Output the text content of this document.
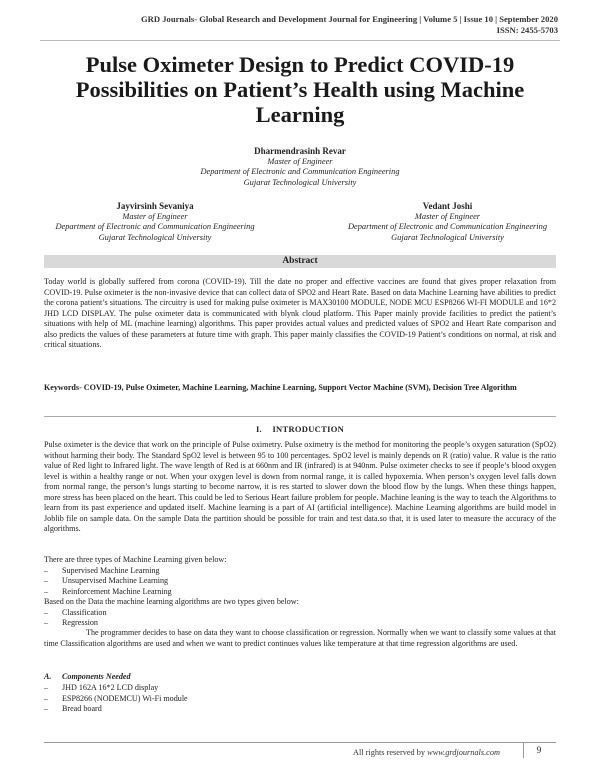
GRD Journals- Global Research and Development Journal for Engineering | Volume 5 | Issue 10 | September 2020
ISSN: 2455-5703
Pulse Oximeter Design to Predict COVID-19 Possibilities on Patient’s Health using Machine Learning
Dharmendrasinh Revar
Master of Engineer
Department of Electronic and Communication Engineering
Gujarat Technological University
Jayvirsinh Sevaniya
Master of Engineer
Department of Electronic and Communication Engineering
Gujarat Technological University
Vedant Joshi
Master of Engineer
Department of Electronic and Communication Engineering
Gujarat Technological University
Abstract
Today world is globally suffered from corona (COVID-19). Till the date no proper and effective vaccines are found that gives proper relaxation from COVID-19. Pulse oximeter is the non-invasive device that can collect data of SPO2 and Heart Rate. Based on data Machine Learning have abilities to predict the corona patient’s situations. The circuitry is used for making pulse oximeter is MAX30100 MODULE, NODE MCU ESP8266 WI-FI MODULE and 16*2 JHD LCD DISPLAY. The pulse oximeter data is communicated with blynk cloud platform. This Paper mainly provide facilities to predict the patient’s situations with help of ML (machine learning) algorithms. This paper provides actual values and predicted values of SPO2 and Heart Rate comparison and also predicts the values of these parameters at future time with graph. This paper mainly classifies the COVID-19 Patient’s conditions on normal, at risk and critical situations.
Keywords- COVID-19, Pulse Oximeter, Machine Learning, Machine Learning, Support Vector Machine (SVM), Decision Tree Algorithm
I. INTRODUCTION
Pulse oximeter is the device that work on the principle of Pulse oximetry. Pulse oximetry is the method for monitoring the people’s oxygen saturation (SpO2) without harming their body. The Standard SpO2 level is between 95 to 100 percentages. SpO2 level is mainly depends on R (ratio) value. R value is the ratio value of Red light to Infrared light. The wave length of Red is at 660nm and IR (infrared) is at 940nm. Pulse oximeter checks to see if people’s blood oxygen level is within a healthy range or not. When your oxygen level is down from normal range, it is called hypoxemia. When person’s oxygen level falls down from normal range, the person’s lungs starting to become narrow, it is res started to slower down the blood flow by the lungs. When these things happen, more stress has been placed on the heart. This could be led to Serious Heart failure problem for people. Machine leaning is the way to teach the Algorithms to learn from its past experience and updated itself. Machine learning is a part of AI (artificial intelligence). Machine Learning algorithms are build model in Joblib file on sample data. On the sample Data the partition should be possible for train and test data.so that, it is used later to measure the accuracy of the algorithms.
There are three types of Machine Learning given below:
– Supervised Machine Learning
– Unsupervised Machine Learning
– Reinforcement Machine Learning
Based on the Data the machine learning algorithms are two types given below:
– Classification
– Regression
The programmer decides to base on data they want to choose classification or regression. Normally when we want to classify some values at that time Classification algorithms are used and when we want to predict continues values like temperature at that time regression algorithms are used.
A. Components Needed
– JHD 162A 16*2 LCD display
– ESP8266 (NODEMCU) Wi-Fi module
– Bread board
All rights reserved by www.grdjournals.com	9
